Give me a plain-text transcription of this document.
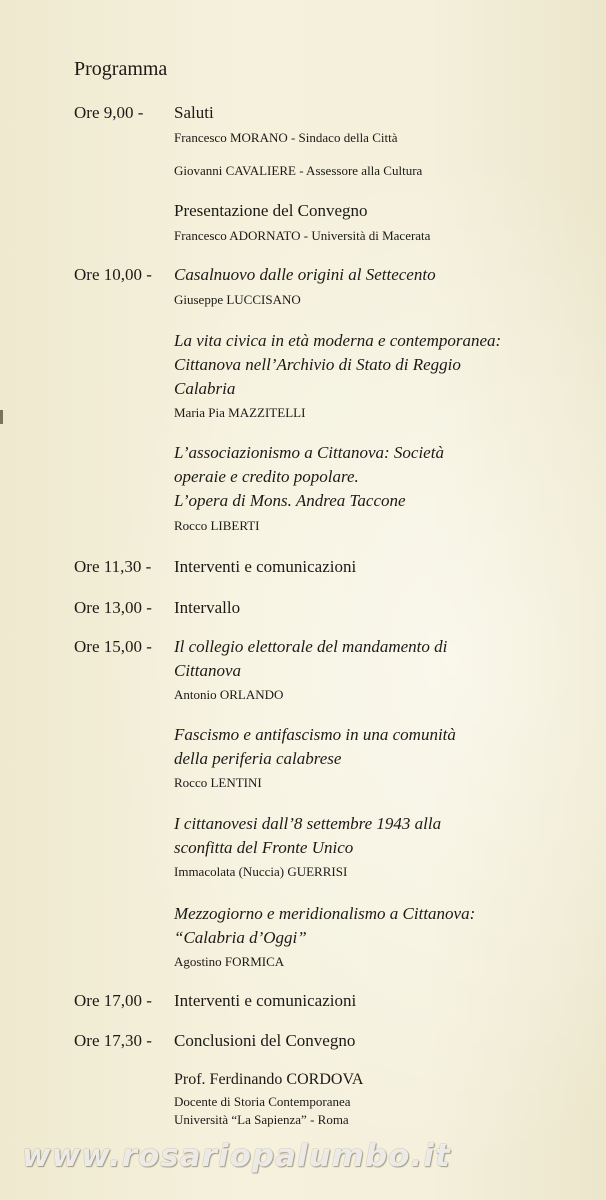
Programma
Ore 9,00 - Saluti
Francesco MORANO - Sindaco della Città
Giovanni CAVALIERE - Assessore alla Cultura
Presentazione del Convegno
Francesco ADORNATO - Università di Macerata
Ore 10,00 - Casalnuovo dalle origini al Settecento
Giuseppe LUCCISANO
La vita civica in età moderna e contemporanea:
Cittanova nell’Archivio di Stato di Reggio
Calabria
Maria Pia MAZZITELLI
L’associazionismo a Cittanova: Società
operaie e credito popolare.
L’opera di Mons. Andrea Taccone
Rocco LIBERTI
Ore 11,30 - Interventi e comunicazioni
Ore 13,00 - Intervallo
Ore 15,00 - Il collegio elettorale del mandamento di
Cittanova
Antonio ORLANDO
Fascismo e antifascismo in una comunità
della periferia calabrese
Rocco LENTINI
I cittanovesi dall’8 settembre 1943 alla
sconfitta del Fronte Unico
Immacolata (Nuccia) GUERRISI
Mezzogiorno e meridionalismo a Cittanova:
“Calabria d’Oggi”
Agostino FORMICA
Ore 17,00 - Interventi e comunicazioni
Ore 17,30 - Conclusioni del Convegno
Prof. Ferdinando CORDOVA
Docente di Storia Contemporanea
Università “La Sapienza” - Roma
www.rosariopalumbo.it
